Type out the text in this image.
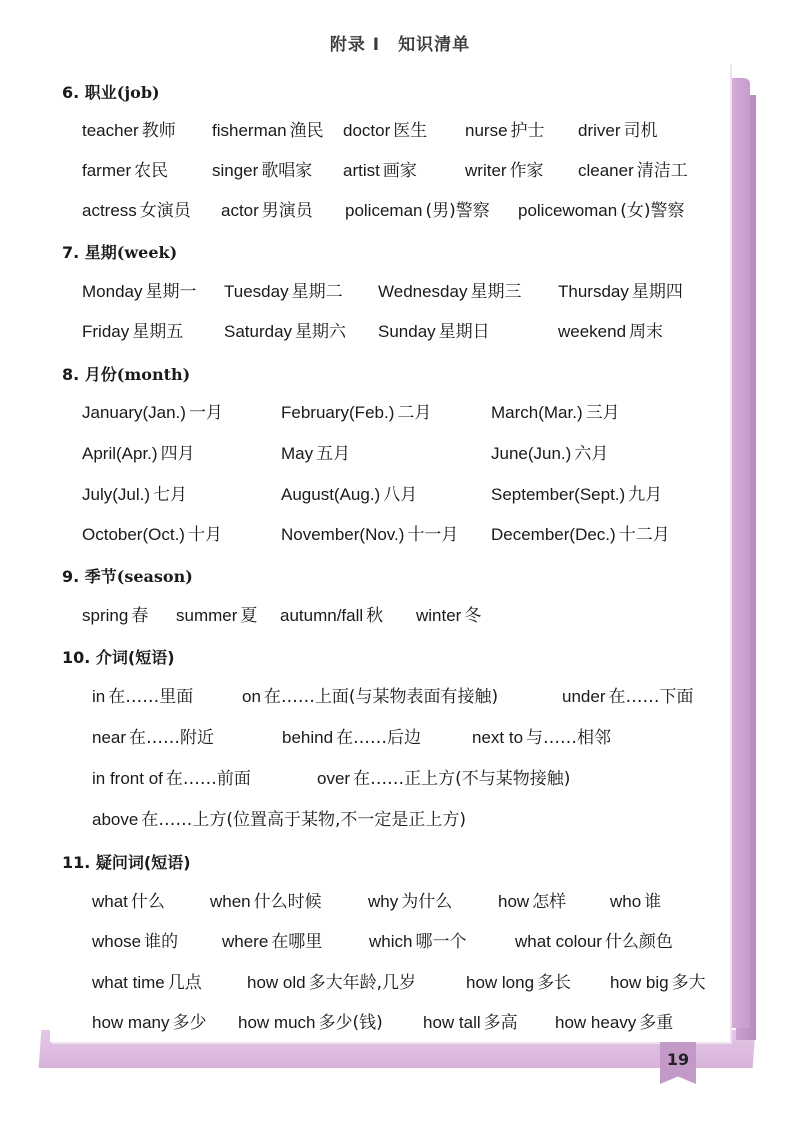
19
附录 I 知识清单
6. 职业(job)
teacher 教师 fisherman 渔民 doctor 医生 nurse 护士 driver 司机
farmer 农民	singer 歌唱家 artist 画家	writer 作家 cleaner 清洁工
actress 女演员 actor 男演员 policeman (男)警察 policewoman (女)警察
7. 星期(week)
Monday 星期一 Tuesday 星期二 Wednesday 星期三 Thursday 星期四
Friday 星期五 Saturday 星期六 Sunday 星期日	weekend 周末
8. 月份(month)
January(Jan.) 一月	February(Feb.) 二月	March(Mar.) 三月
April(Apr.) 四月	May 五月	June(Jun.) 六月
July(Jul.) 七月	August(Aug.) 八月	September(Sept.) 九月
October(Oct.) 十月	November(Nov.) 十一月 December(Dec.) 十二月
9. 季节(season)
spring 春 summer 夏 autumn/fall 秋 winter 冬
10. 介词(短语)
in 在……里面	on 在……上面(与某物表面有接触)	under 在……下面
near 在……附近	behind 在……后边	next to 与……相邻
in front of 在……前面	over 在……正上方(不与某物接触)
above 在……上方(位置高于某物,不一定是正上方)
11. 疑问词(短语)
what 什么	when 什么时候	why 为什么	how 怎样	who 谁
whose 谁的	where 在哪里	which 哪一个	what colour 什么颜色
what time 几点	how old 多大年龄,几岁	how long 多长 how big 多大
how many 多少 how much 多少(钱) how tall 多高 how heavy 多重
